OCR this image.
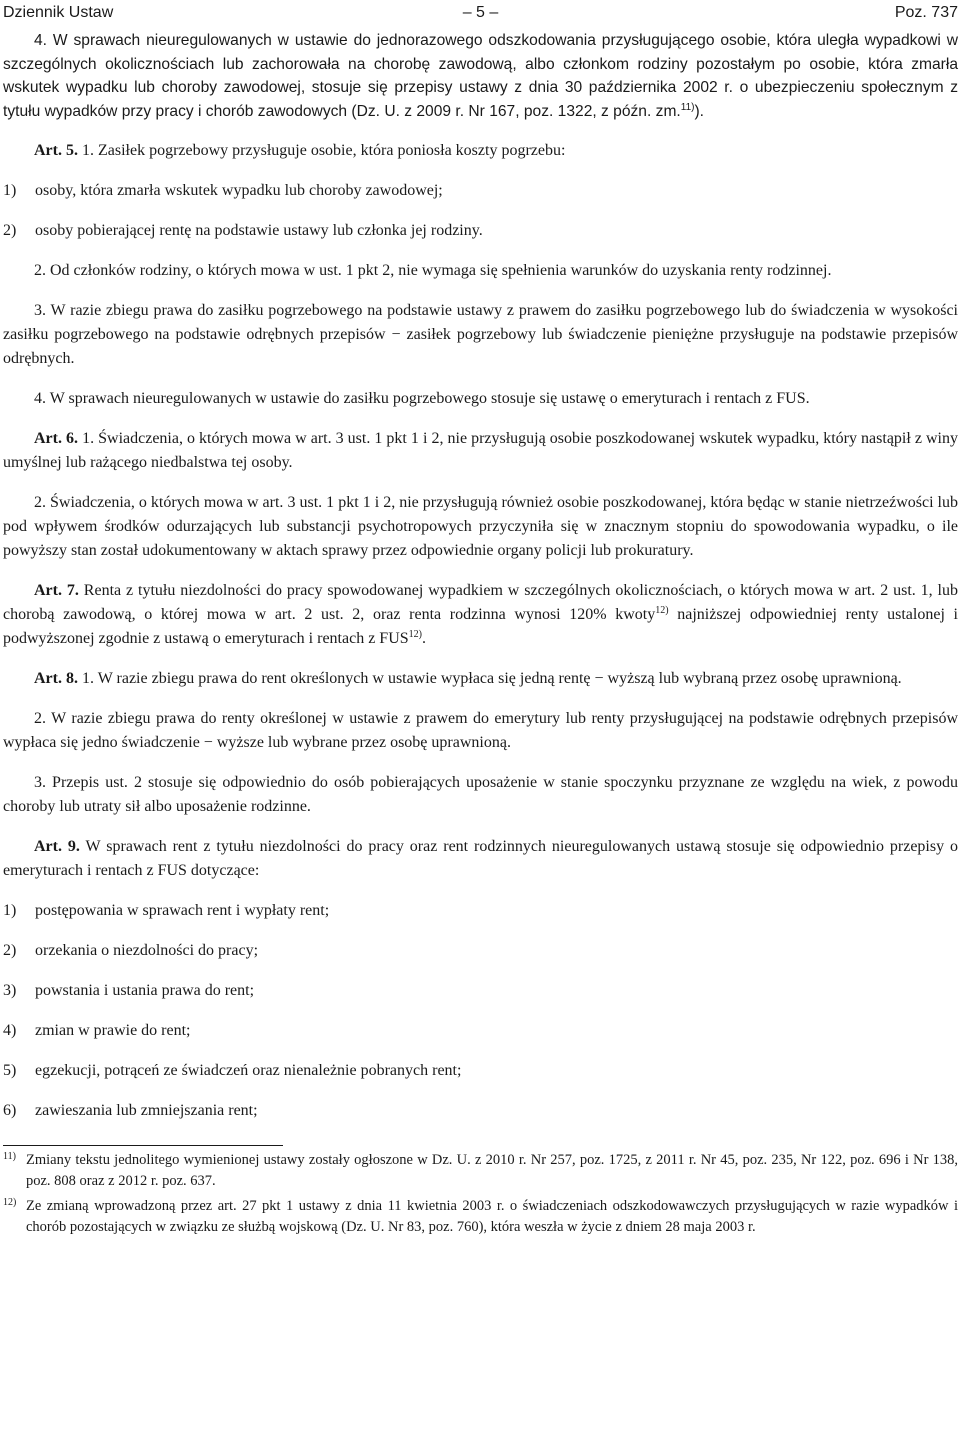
Dziennik Ustaw	– 5 –	Poz. 737

4. W sprawach nieuregulowanych w ustawie do jednorazowego odszkodowania przysługującego osobie, która uległa wypadkowi w szczególnych okolicznościach lub zachorowała na chorobę zawodową, albo członkom rodziny pozostałym po osobie, która zmarła wskutek wypadku lub choroby zawodowej, stosuje się przepisy ustawy z dnia 30 października 2002 r. o ubezpieczeniu społecznym z tytułu wypadków przy pracy i chorób zawodowych (Dz. U. z 2009 r. Nr 167, poz. 1322, z późn. zm.$^{11)}$).

Art. 5. 1. Zasiłek pogrzebowy przysługuje osobie, która poniosła koszty pogrzebu:

1) osoby, która zmarła wskutek wypadku lub choroby zawodowej;

2) osoby pobierającej rentę na podstawie ustawy lub członka jej rodziny.

2. Od członków rodziny, o których mowa w ust. 1 pkt 2, nie wymaga się spełnienia warunków do uzyskania renty rodzinnej.

3. W razie zbiegu prawa do zasiłku pogrzebowego na podstawie ustawy z prawem do zasiłku pogrzebowego lub do świadczenia w wysokości zasiłku pogrzebowego na podstawie odrębnych przepisów − zasiłek pogrzebowy lub świadczenie pieniężne przysługuje na podstawie przepisów odrębnych.

4. W sprawach nieuregulowanych w ustawie do zasiłku pogrzebowego stosuje się ustawę o emeryturach i rentach z FUS.

Art. 6. 1. Świadczenia, o których mowa w art. 3 ust. 1 pkt 1 i 2, nie przysługują osobie poszkodowanej wskutek wypadku, który nastąpił z winy umyślnej lub rażącego niedbalstwa tej osoby.

2. Świadczenia, o których mowa w art. 3 ust. 1 pkt 1 i 2, nie przysługują również osobie poszkodowanej, która będąc w stanie nietrzeźwości lub pod wpływem środków odurzających lub substancji psychotropowych przyczyniła się w znacznym stopniu do spowodowania wypadku, o ile powyższy stan został udokumentowany w aktach sprawy przez odpowiednie organy policji lub prokuratury.

Art. 7. Renta z tytułu niezdolności do pracy spowodowanej wypadkiem w szczególnych okolicznościach, o których mowa w art. 2 ust. 1, lub chorobą zawodową, o której mowa w art. 2 ust. 2, oraz renta rodzinna wynosi 120% kwoty$^{12)}$ najniższej odpowiedniej renty ustalonej i podwyższonej zgodnie z ustawą o emeryturach i rentach z FUS$^{12)}$.

Art. 8. 1. W razie zbiegu prawa do rent określonych w ustawie wypłaca się jedną rentę − wyższą lub wybraną przez osobę uprawnioną.

2. W razie zbiegu prawa do renty określonej w ustawie z prawem do emerytury lub renty przysługującej na podstawie odrębnych przepisów wypłaca się jedno świadczenie − wyższe lub wybrane przez osobę uprawnioną.

3. Przepis ust. 2 stosuje się odpowiednio do osób pobierających uposażenie w stanie spoczynku przyznane ze względu na wiek, z powodu choroby lub utraty sił albo uposażenie rodzinne.

Art. 9. W sprawach rent z tytułu niezdolności do pracy oraz rent rodzinnych nieuregulowanych ustawą stosuje się odpowiednio przepisy o emeryturach i rentach z FUS dotyczące:

1) postępowania w sprawach rent i wypłaty rent;

2) orzekania o niezdolności do pracy;

3) powstania i ustania prawa do rent;

4) zmian w prawie do rent;

5) egzekucji, potrąceń ze świadczeń oraz nienależnie pobranych rent;

6) zawieszania lub zmniejszania rent;

11) Zmiany tekstu jednolitego wymienionej ustawy zostały ogłoszone w Dz. U. z 2010 r. Nr 257, poz. 1725, z 2011 r. Nr 45, poz. 235, Nr 122, poz. 696 i Nr 138, poz. 808 oraz z 2012 r. poz. 637.
12) Ze zmianą wprowadzoną przez art. 27 pkt 1 ustawy z dnia 11 kwietnia 2003 r. o świadczeniach odszkodowawczych przysługujących w razie wypadków i chorób pozostających w związku ze służbą wojskową (Dz. U. Nr 83, poz. 760), która weszła w życie z dniem 28 maja 2003 r.
